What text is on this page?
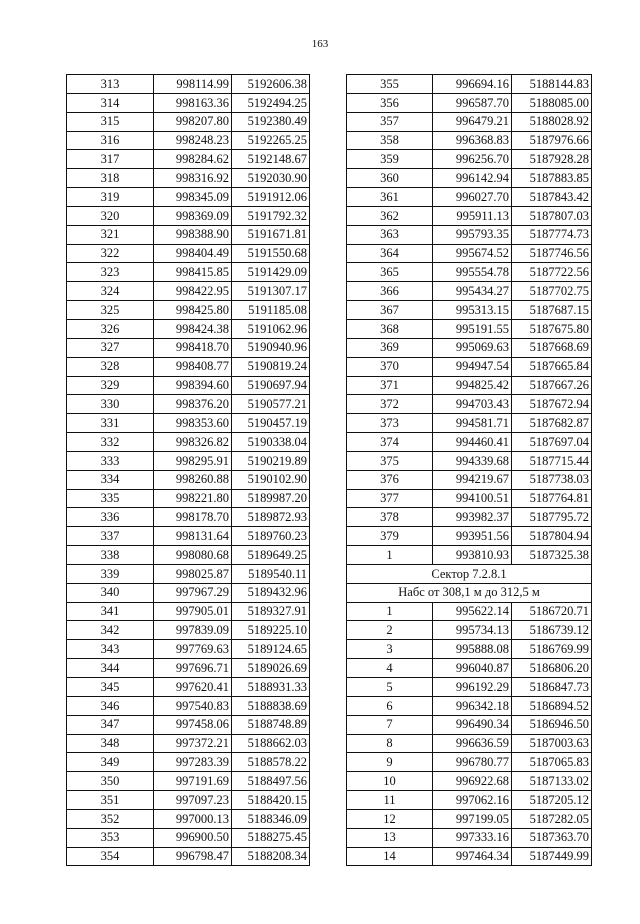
163
313	998114.99	5192606.38
314	998163.36	5192494.25
315	998207.80	5192380.49
316	998248.23	5192265.25
317	998284.62	5192148.67
318	998316.92	5192030.90
319	998345.09	5191912.06
320	998369.09	5191792.32
321	998388.90	5191671.81
322	998404.49	5191550.68
323	998415.85	5191429.09
324	998422.95	5191307.17
325	998425.80	5191185.08
326	998424.38	5191062.96
327	998418.70	5190940.96
328	998408.77	5190819.24
329	998394.60	5190697.94
330	998376.20	5190577.21
331	998353.60	5190457.19
332	998326.82	5190338.04
333	998295.91	5190219.89
334	998260.88	5190102.90
335	998221.80	5189987.20
336	998178.70	5189872.93
337	998131.64	5189760.23
338	998080.68	5189649.25
339	998025.87	5189540.11
340	997967.29	5189432.96
341	997905.01	5189327.91
342	997839.09	5189225.10
343	997769.63	5189124.65
344	997696.71	5189026.69
345	997620.41	5188931.33
346	997540.83	5188838.69
347	997458.06	5188748.89
348	997372.21	5188662.03
349	997283.39	5188578.22
350	997191.69	5188497.56
351	997097.23	5188420.15
352	997000.13	5188346.09
353	996900.50	5188275.45
354	996798.47	5188208.34
355	996694.16	5188144.83
356	996587.70	5188085.00
357	996479.21	5188028.92
358	996368.83	5187976.66
359	996256.70	5187928.28
360	996142.94	5187883.85
361	996027.70	5187843.42
362	995911.13	5187807.03
363	995793.35	5187774.73
364	995674.52	5187746.56
365	995554.78	5187722.56
366	995434.27	5187702.75
367	995313.15	5187687.15
368	995191.55	5187675.80
369	995069.63	5187668.69
370	994947.54	5187665.84
371	994825.42	5187667.26
372	994703.43	5187672.94
373	994581.71	5187682.87
374	994460.41	5187697.04
375	994339.68	5187715.44
376	994219.67	5187738.03
377	994100.51	5187764.81
378	993982.37	5187795.72
379	993951.56	5187804.94
1	993810.93	5187325.38
Сектор 7.2.8.1		
Набс от 308,1 м до 312,5 м		
1	995622.14	5186720.71
2	995734.13	5186739.12
3	995888.08	5186769.99
4	996040.87	5186806.20
5	996192.29	5186847.73
6	996342.18	5186894.52
7	996490.34	5186946.50
8	996636.59	5187003.63
9	996780.77	5187065.83
10	996922.68	5187133.02
11	997062.16	5187205.12
12	997199.05	5187282.05
13	997333.16	5187363.70
14	997464.34	5187449.99
